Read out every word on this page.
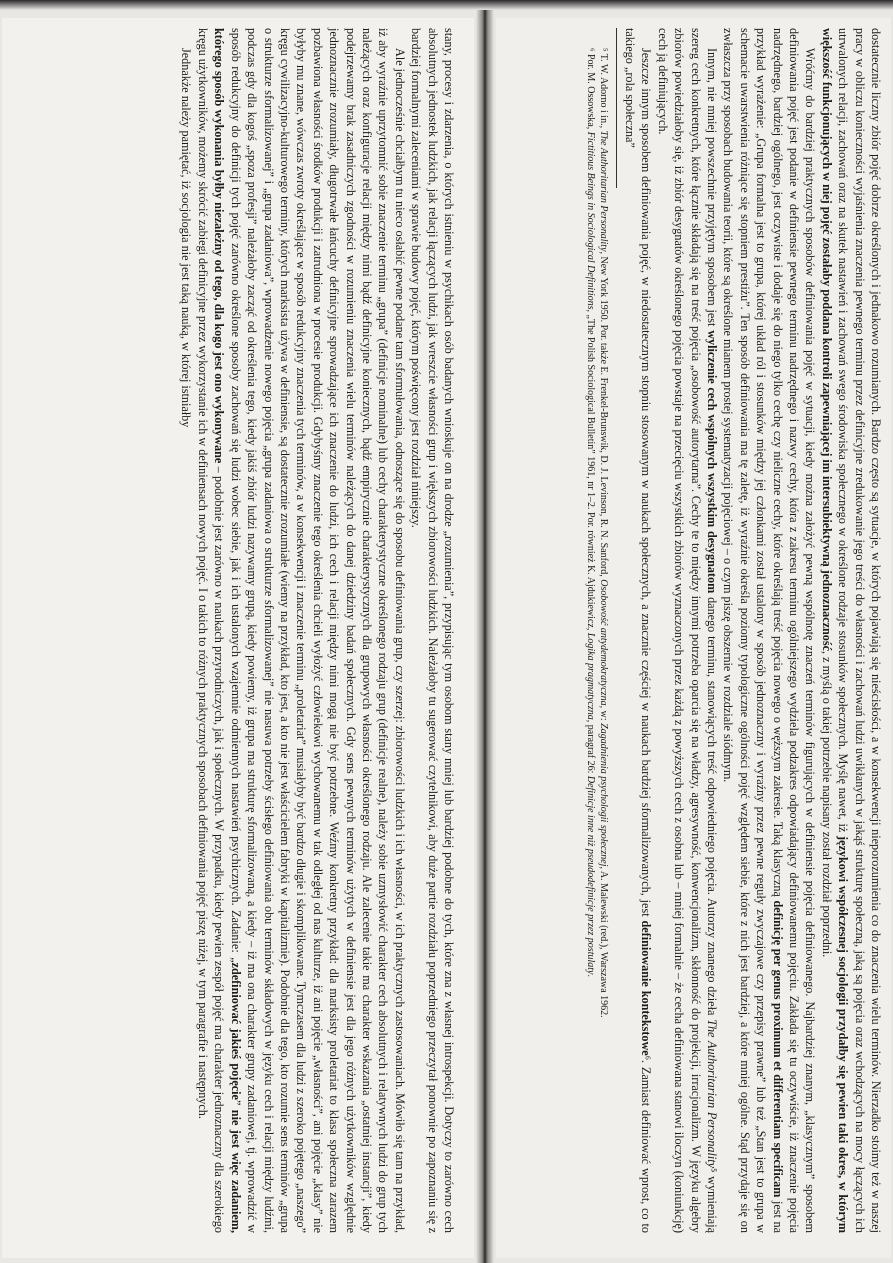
stany, procesy i zdarzenia, o których istnieniu w psychikach osób badanych wnioskuje on na drodze „rozumienia”, przypisując tym osobom stany mniej lub bardziej podobne do tych, które zna z własnej introspekcji. Dotyczy to zarówno cech absolutnych jednostek ludzkich, jak relacji łączących ludzi, jak wreszcie własności grup i większych zbiorowości ludzkich. Należałoby tu sugerować czytelnikowi, aby duże partie rozdziału poprzedniego przeczytał ponownie po zapoznaniu się z bardziej formalnymi zaleceniami w sprawie budowy pojęć, którym poświęcony jest rozdział niniejszy.

Ale jednocześnie chciałbym tu nieco osłabić pewne podane tam sformułowania, odnoszące się do sposobu definiowania grup, czy szerzej: zbiorowości ludzkich i ich własności, w ich praktycznych zastosowaniach. Mówiło się tam na przykład, iż aby wyraźnie uprzytomnić sobie znaczenie terminu „grupa” (definicje nominalne) lub cechy charakterystyczne określonego rodzaju grup (definicje realne), należy sobie uzmysłowić charakter cech absolutnych i relatywnych ludzi do grup tych należących oraz konfiguracje relacji między nimi bądź definicyjne koniecznych, bądź empirycznie charakterystycznych dla grupowych własności określonego rodzaju. Ale zalecenie takie ma charakter wskazania „ostatniej instancji”, kiedy podejrzewamy brak zasadniczych zgodności w rozumieniu znaczenia wielu terminów należących do danej dziedziny badań społecznych. Gdy sens pewnych terminów użytych w definiensie jest dla jego różnych użytkowników względnie jednoznacznie zrozumiały, długotrwałe łańcuchy definicyjne sprowadzające ich znaczenie do ludzi, ich cech i relacji między nimi mogą nie być potrzebne. Weźmy konkretny przykład: dla marksisty proletariat to klasa społeczna zarazem pozbawiona własności środków produkcji i zatrudniona w procesie produkcji. Gdybyśmy znaczenie tego określenia chcieli wyłożyć człowiekowi wychowanemu w tak odległej od nas kulturze, iż ani pojęcie „własności”, ani pojęcie „klasy” nie byłyby mu znane, wówczas zwroty określające w sposób redukcyjny znaczenia tych terminów, a w konsekwencji i znaczenie terminu „proletariat” musiałyby być bardzo długie i skomplikowane. Tymczasem dla ludzi z szeroko pojętego „naszego” kręgu cywilizacyjno-kulturowego terminy, których marksista używa w definiensie, są dostatecznie zrozumiałe (wiemy na przykład, kto jest, a kto nie jest właścicielem fabryki w kapitalizmie). Podobnie dla tego, kto rozumie sens terminów „grupa o strukturze sformalizowanej” i „grupa zadaniowa”, wprowadzenie nowego pojęcia „grupa zadaniowa o strukturze sformalizowanej” nie nasuwa potrzeby ścisłego definiowania obu terminów składowych w języku cech i relacji między ludźmi, podczas gdy dla kogoś „spoza profesji” należałoby zacząć od określenia tego, kiedy jakiś zbiór ludzi nazywamy grupą, kiedy powiemy, iż grupa ma strukturę sformalizowaną, a kiedy – iż ma ona charakter grupy zadaniowej, tj. wprowadzić w sposób redukcyjny do definicji tych pojęć zarówno określone sposoby zachowań się ludzi wobec siebie, jak i ich ustalonych wzajemnie odmiennych nastawień psychicznych. Zadanie: „zdefiniować jakieś pojęcie” nie jest więc zadaniem, którego sposób wykonania byłby niezależny od tego, dla kogo jest ono wykonywane – podobnie jest zarówno w naukach przyrodniczych, jak i społecznych. W przypadku, kiedy pewien zespół pojęć ma charakter jednoznaczny dla szerokiego kręgu użytkowników, możemy skrócić zabiegi definicyjne przez wykorzystanie ich w definiensach nowych pojęć. I o takich to różnych praktycznych sposobach definiowania pojęć piszę niżej, w tym paragrafie i następnych.

Jednakże należy pamiętać, iż socjologia nie jest taką nauką, w której istniałby	dostatecznie liczny zbiór pojęć dobrze określonych i jednakowo rozumianych. Bardzo często są sytuacje, w których pojawiają się nieścisłości, a w konsekwencji nieporozumienia co do znaczenia wielu terminów. Nierzadko stoimy też w naszej pracy w obliczu konieczności wyjaśnienia znaczenia pewnego terminu przez definicyjne zredukowanie jego treści do własności i zachowań ludzi uwikłanych w jakąś strukturę społeczną, jaką są pojęcia oraz wchodzących na mocy łączących ich utrwalonych relacji, zachowań oraz na skutek nastawień i zachowań swego środowiska społecznego w określone rodzaje stosunków społecznych. Myślę nawet, iż językowi współczesnej socjologii przydałby się pewien taki okres, w którym większość funkcjonujących w niej pojęć zostałaby poddana kontroli zapewniającej im intersubiektywną jednoznaczność, z myślą o takiej potrzebie napisany został rozdział poprzedni.

Wróćmy do bardziej praktycznych sposobów definiowania pojęć w sytuacji, kiedy można założyć pewną wspólnotę znaczeń terminów figurujących w definiensie pojęcia definiowanego. Najbardziej znanym, „klasycznym” sposobem definiowania pojęć jest podanie w definiensie pewnego terminu nadrzędnego i nazwy cechy, która z zakresu terminu ogólniejszego wydziela podzakres odpowiadający definiowanemu pojęciu. Zakłada się tu oczywiście, iż znaczenie pojęcia nadrzędnego, bardziej ogólnego, jest oczywiste i dodaje się do niego tylko cechę czy nieliczne cechy, które określają treść pojęcia nowego o węższym zakresie. Taką klasyczną definicję per genus proximum et differentiam specificam jest na przykład wyrażenie: „Grupa formalna jest to grupa, której układ ról i stosunków między jej członkami został ustalony w sposób jednoznaczny i wyraźny przez pewne reguły zwyczajowe czy przepisy prawne” lub też „Stan jest to grupa w schemacie uwarstwienia różniące się stopniem prestiżu”. Ten sposób definiowania ma tę zaletę, iż wyraźnie określa poziomy typologiczne ogólności pojęć względem siebie, które z nich jest bardziej, a które mniej ogólne. Stąd przydaje się on zwłaszcza przy sposobach budowania teorii, które są określone mianem prostej systematyzacji pojęciowej – o czym piszę obszernie w rozdziale siódmym.

Innym, nie mniej powszechnie przyjętym sposobem jest wyliczenie cech wspólnych wszystkim desygnatom danego terminu, stanowiących treść odpowiedniego pojęcia. Autorzy znanego dzieła The Authoritarian Personality⁵ wymieniają szereg cech konkretnych, które łącznie składają się na treść pojęcia „osobowość autorytarna”. Cechy te to między innymi potrzeba oparcia się na władzy, agresywność, konwencjonalizm, skłonność do projekcji, irracjonalizm. W języku algebry zbiorów powiedziałoby się, iż zbiór desygnatów określonego pojęcia powstaje na przecięciu wszystkich zbiorów wyznaczonych przez każdą z powyższych cech z osobna lub – mniej formalnie – że cecha definiowana stanowi iloczyn (koniunkcję) cech ją definiujących.

Jeszcze innym sposobem definiowania pojęć, w niedostatecznym stopniu stosowanym w naukach społecznych, a znacznie częściej w naukach bardziej sformalizowanych, jest definiowanie kontekstowe⁶. Zamiast definiować wprost, co to takiego „rola społeczna”

⁵ T. W. Adorno i in., The Authoritarian Personality, New York 1950. Por. także E. Frenkel-Brunswik, D. J. Levinson, R. N. Sanford, Osobowość antydemokratyczna, w: Zagadnienia psychologii społecznej, A. Malewski (red.), Warszawa 1962.

⁶ Por. M. Ossowska, Fictitious Beings in Sociological Definitions, „The Polish Sociological Bulletin” 1961, nr 1–2. Por. również K. Ajdukiewicz, Logika pragmatyczna, paragraf 26: Definicje inne niż pseudodefinicje przez postulaty.
